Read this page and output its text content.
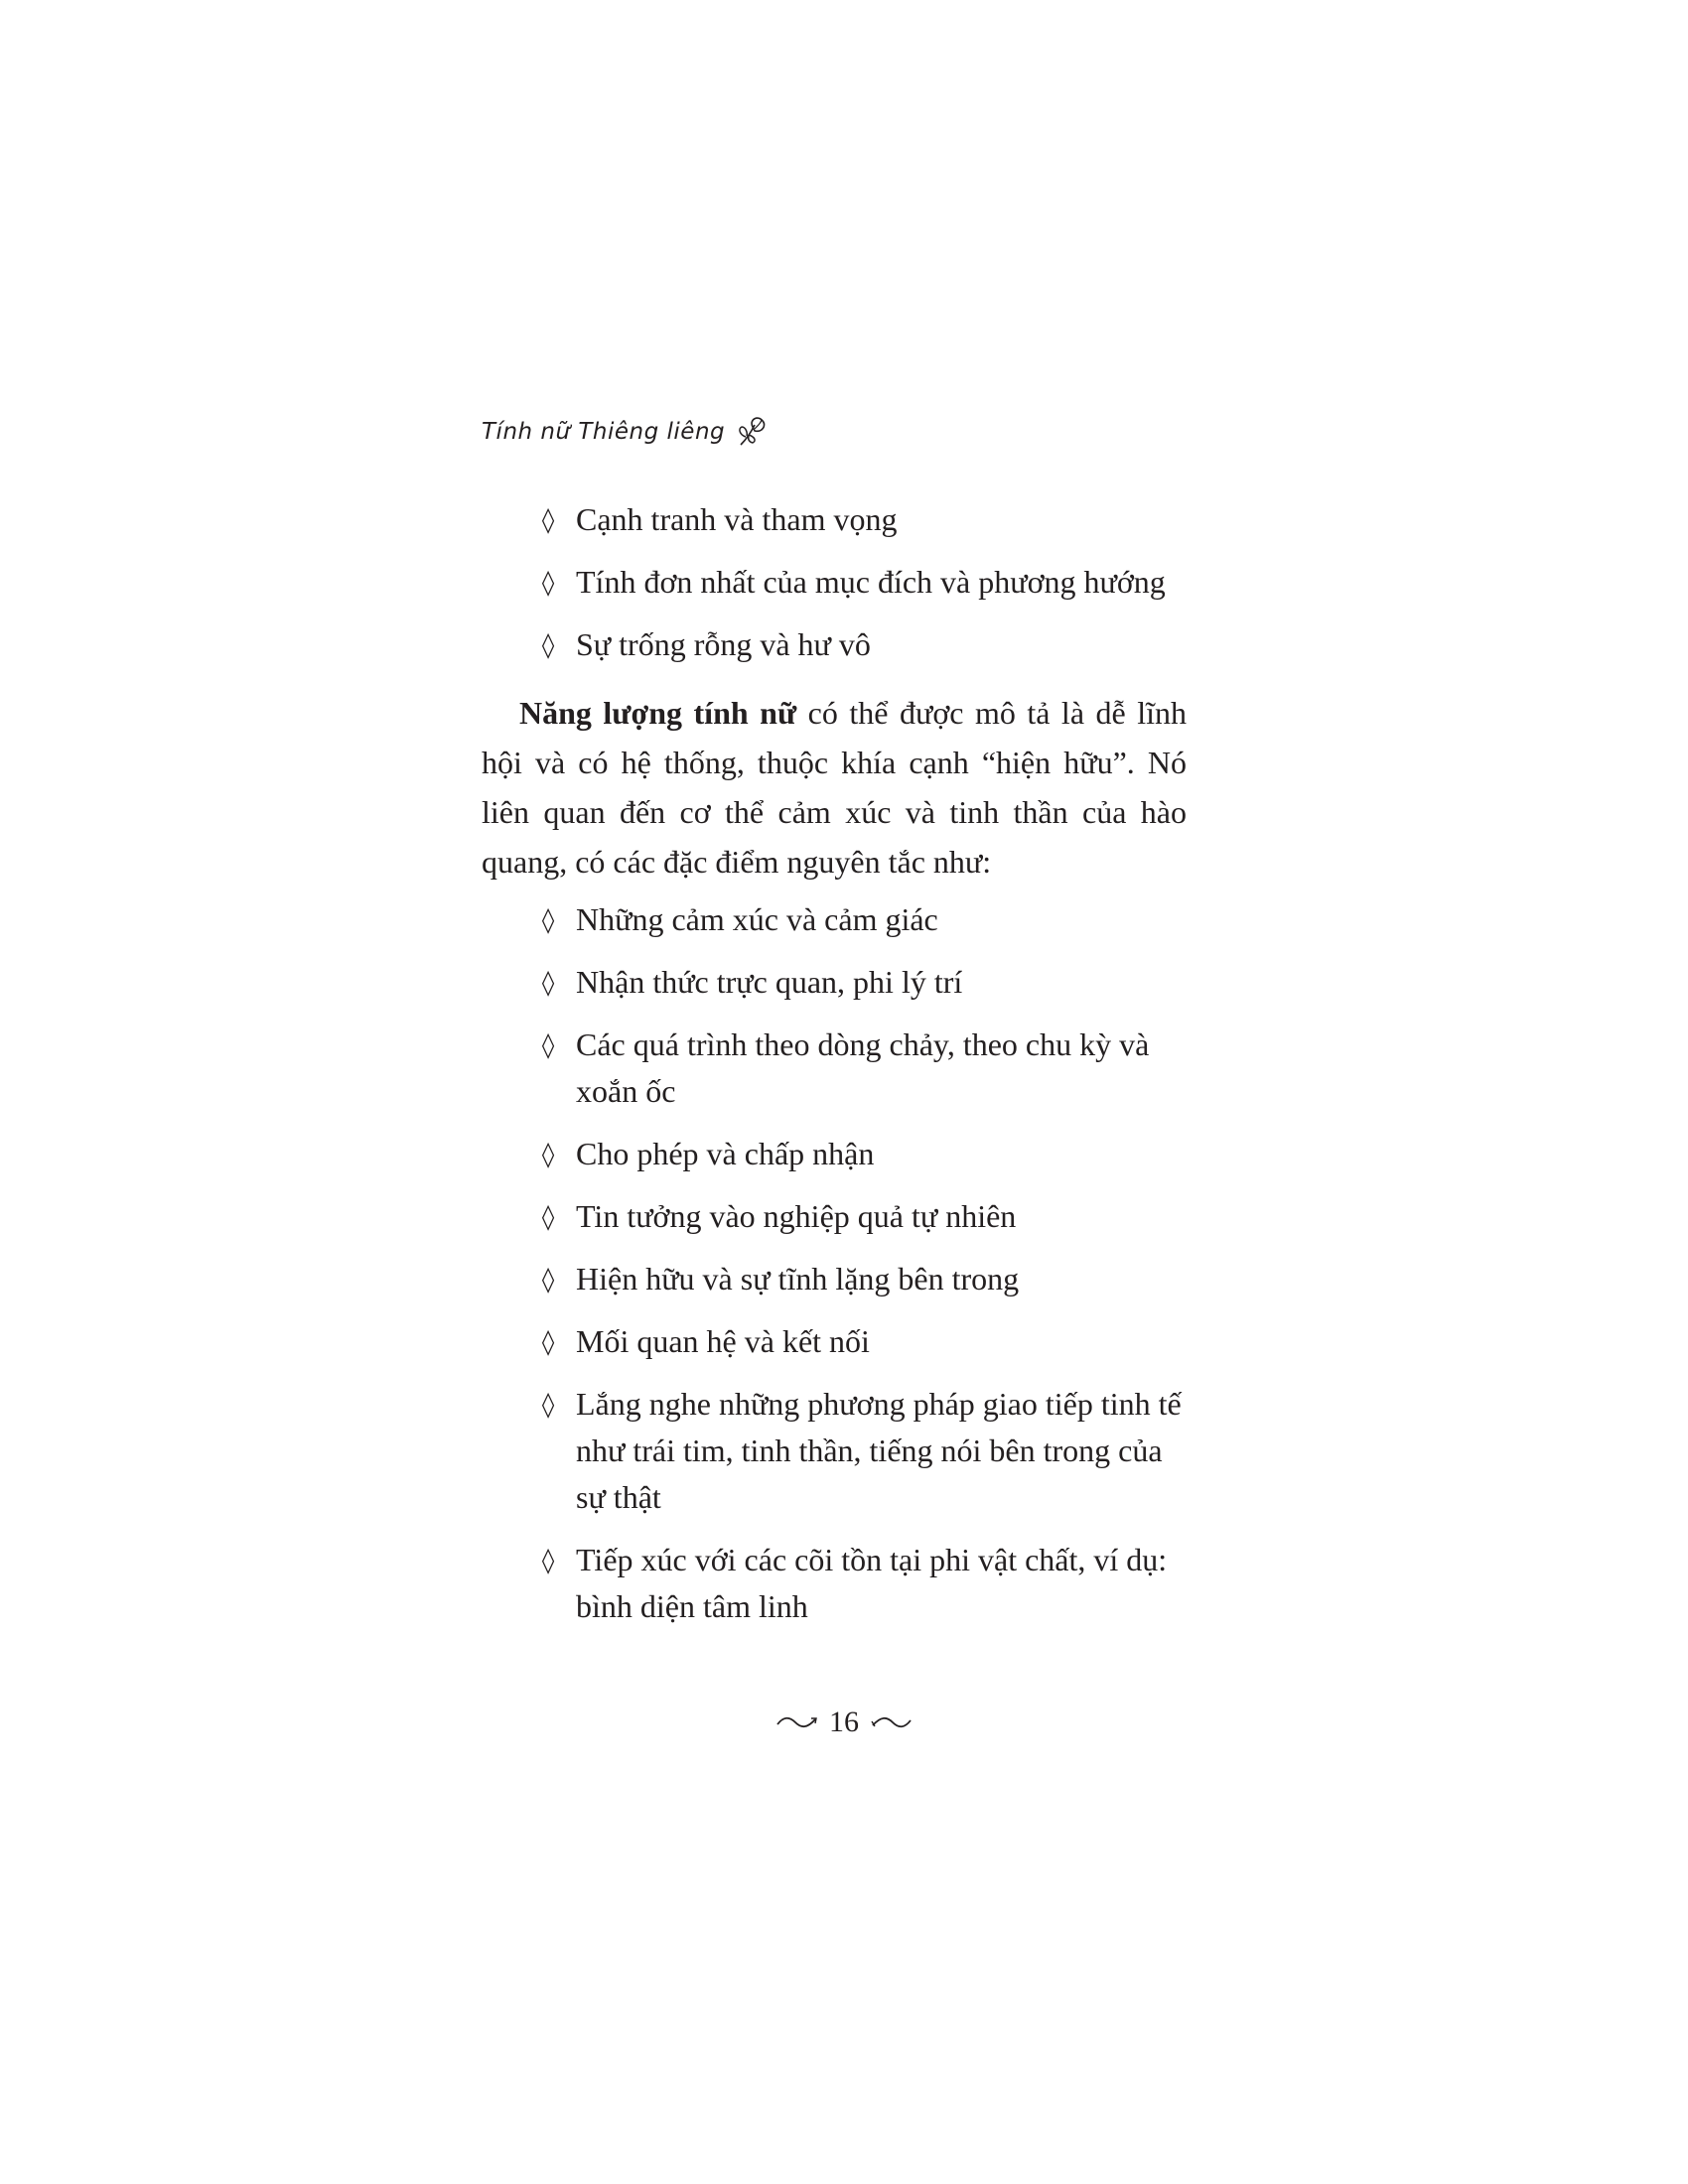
Tính nữ Thiêng liêng
◊ Cạnh tranh và tham vọng
◊ Tính đơn nhất của mục đích và phương hướng
◊ Sự trống rỗng và hư vô

Năng lượng tính nữ có thể được mô tả là dễ lĩnh hội và có hệ thống, thuộc khía cạnh “hiện hữu”. Nó liên quan đến cơ thể cảm xúc và tinh thần của hào quang, có các đặc điểm nguyên tắc như:

◊ Những cảm xúc và cảm giác
◊ Nhận thức trực quan, phi lý trí
◊ Các quá trình theo dòng chảy, theo chu kỳ và xoắn ốc
◊ Cho phép và chấp nhận
◊ Tin tưởng vào nghiệp quả tự nhiên
◊ Hiện hữu và sự tĩnh lặng bên trong
◊ Mối quan hệ và kết nối
◊ Lắng nghe những phương pháp giao tiếp tinh tế như trái tim, tinh thần, tiếng nói bên trong của sự thật
◊ Tiếp xúc với các cõi tồn tại phi vật chất, ví dụ: bình diện tâm linh
16
